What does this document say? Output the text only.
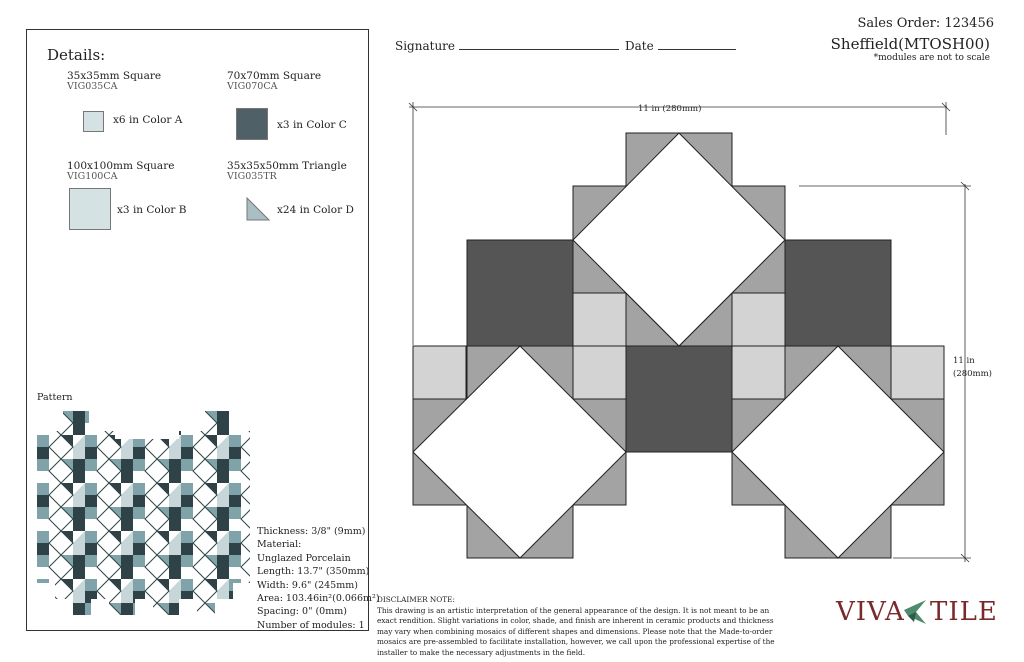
Details:
35x35mm Square
VIG035CA
x6 in Color A
70x70mm Square
VIG070CA
x3 in Color C
100x100mm Square
VIG100CA
x3 in Color B
35x35x50mm Triangle
VIG035TR
x24 in Color D
Pattern
Thickness: 3/8" (9mm)
Material:
Unglazed Porcelain
Length: 13.7" (350mm)
Width: 9.6" (245mm)
Area: 103.46in²(0.066m²)
Spacing: 0" (0mm)
Number of modules: 1
Signature	Date
Sales Order: 123456
Sheffield(MTOSH00)
*modules are not to scale
11 in (280mm)
11 in
(280mm)
DISCLAIMER NOTE:
This drawing is an artistic interpretation of the general appearance of the design. It is not meant to be an exact rendition. Slight variations in color, shade, and finish are inherent in ceramic products and thickness may vary when combining mosaics of different shapes and dimensions. Please note that the Made-to-order mosaics are pre-assembled to facilitate installation, however, we call upon the professional expertise of the installer to make the necessary adjustments in the field.
VIVA TILE
